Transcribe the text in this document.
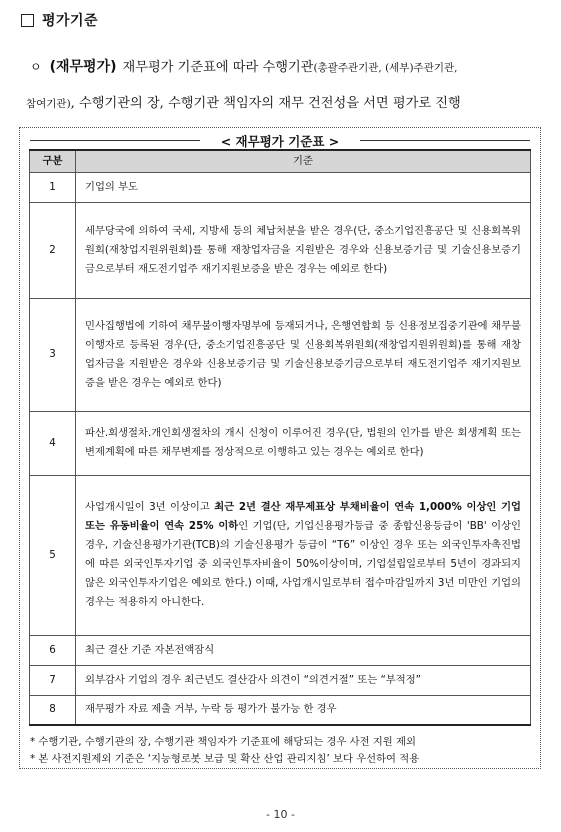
평가기준
ㅇ (재무평가) 재무평가 기준표에 따라 수행기관(총괄주관기관, (세부)주관기관,
참여기관), 수행기관의 장, 수행기관 책임자의 재무 건전성을 서면 평가로 진행
< 재무평가 기준표 >
구분	기준
1	기업의 부도
2	세무당국에 의하여 국세, 지방세 등의 체납처분을 받은 경우(단, 중소기업진흥공단 및 신용회복위원회(재창업지원위원회)를 통해 재창업자금을 지원받은 경우와 신용보증기금 및 기술신용보증기금으로부터 재도전기업주 재기지원보증을 받은 경우는 예외로 한다)
3	민사집행법에 기하여 채무불이행자명부에 등재되거나, 은행연합회 등 신용정보집중기관에 채무불이행자로 등록된 경우(단, 중소기업진흥공단 및 신용회복위원회(재창업지원위원회)를 통해 재창업자금을 지원받은 경우와 신용보증기금 및 기술신용보증기금으로부터 재도전기업주 재기지원보증을 받은 경우는 예외로 한다)
4	파산.회생절차.개인회생절차의 개시 신청이 이루어진 경우(단, 법원의 인가를 받은 회생계획 또는 변제계획에 따른 채무변제를 정상적으로 이행하고 있는 경우는 예외로 한다)
5	사업개시일이 3년 이상이고 최근 2년 결산 재무제표상 부채비율이 연속 1,000% 이상인 기업 또는 유동비율이 연속 25% 이하인 기업(단, 기업신용평가등급 중 종합신용등급이 'BB' 이상인 경우, 기술신용평가기관(TCB)의 기술신용평가 등급이 “T6” 이상인 경우 또는 외국인투자촉진법에 따른 외국인투자기업 중 외국인투자비율이 50%이상이며, 기업설립일로부터 5년이 경과되지 않은 외국인투자기업은 예외로 한다.) 이때, 사업개시일로부터 접수마감일까지 3년 미만인 기업의 경우는 적용하지 아니한다.
6	최근 결산 기준 자본전액잠식
7	외부감사 기업의 경우 최근년도 결산감사 의견이 “의견거절” 또는 “부적정”
8	재무평가 자료 제출 거부, 누락 등 평가가 불가능 한 경우
* 수행기관, 수행기관의 장, 수행기관 책임자가 기준표에 해당되는 경우 사전 지원 제외
* 본 사전지원제외 기준은 ‘지능형로봇 보급 및 확산 산업 관리지침’ 보다 우선하여 적용
- 10 -
